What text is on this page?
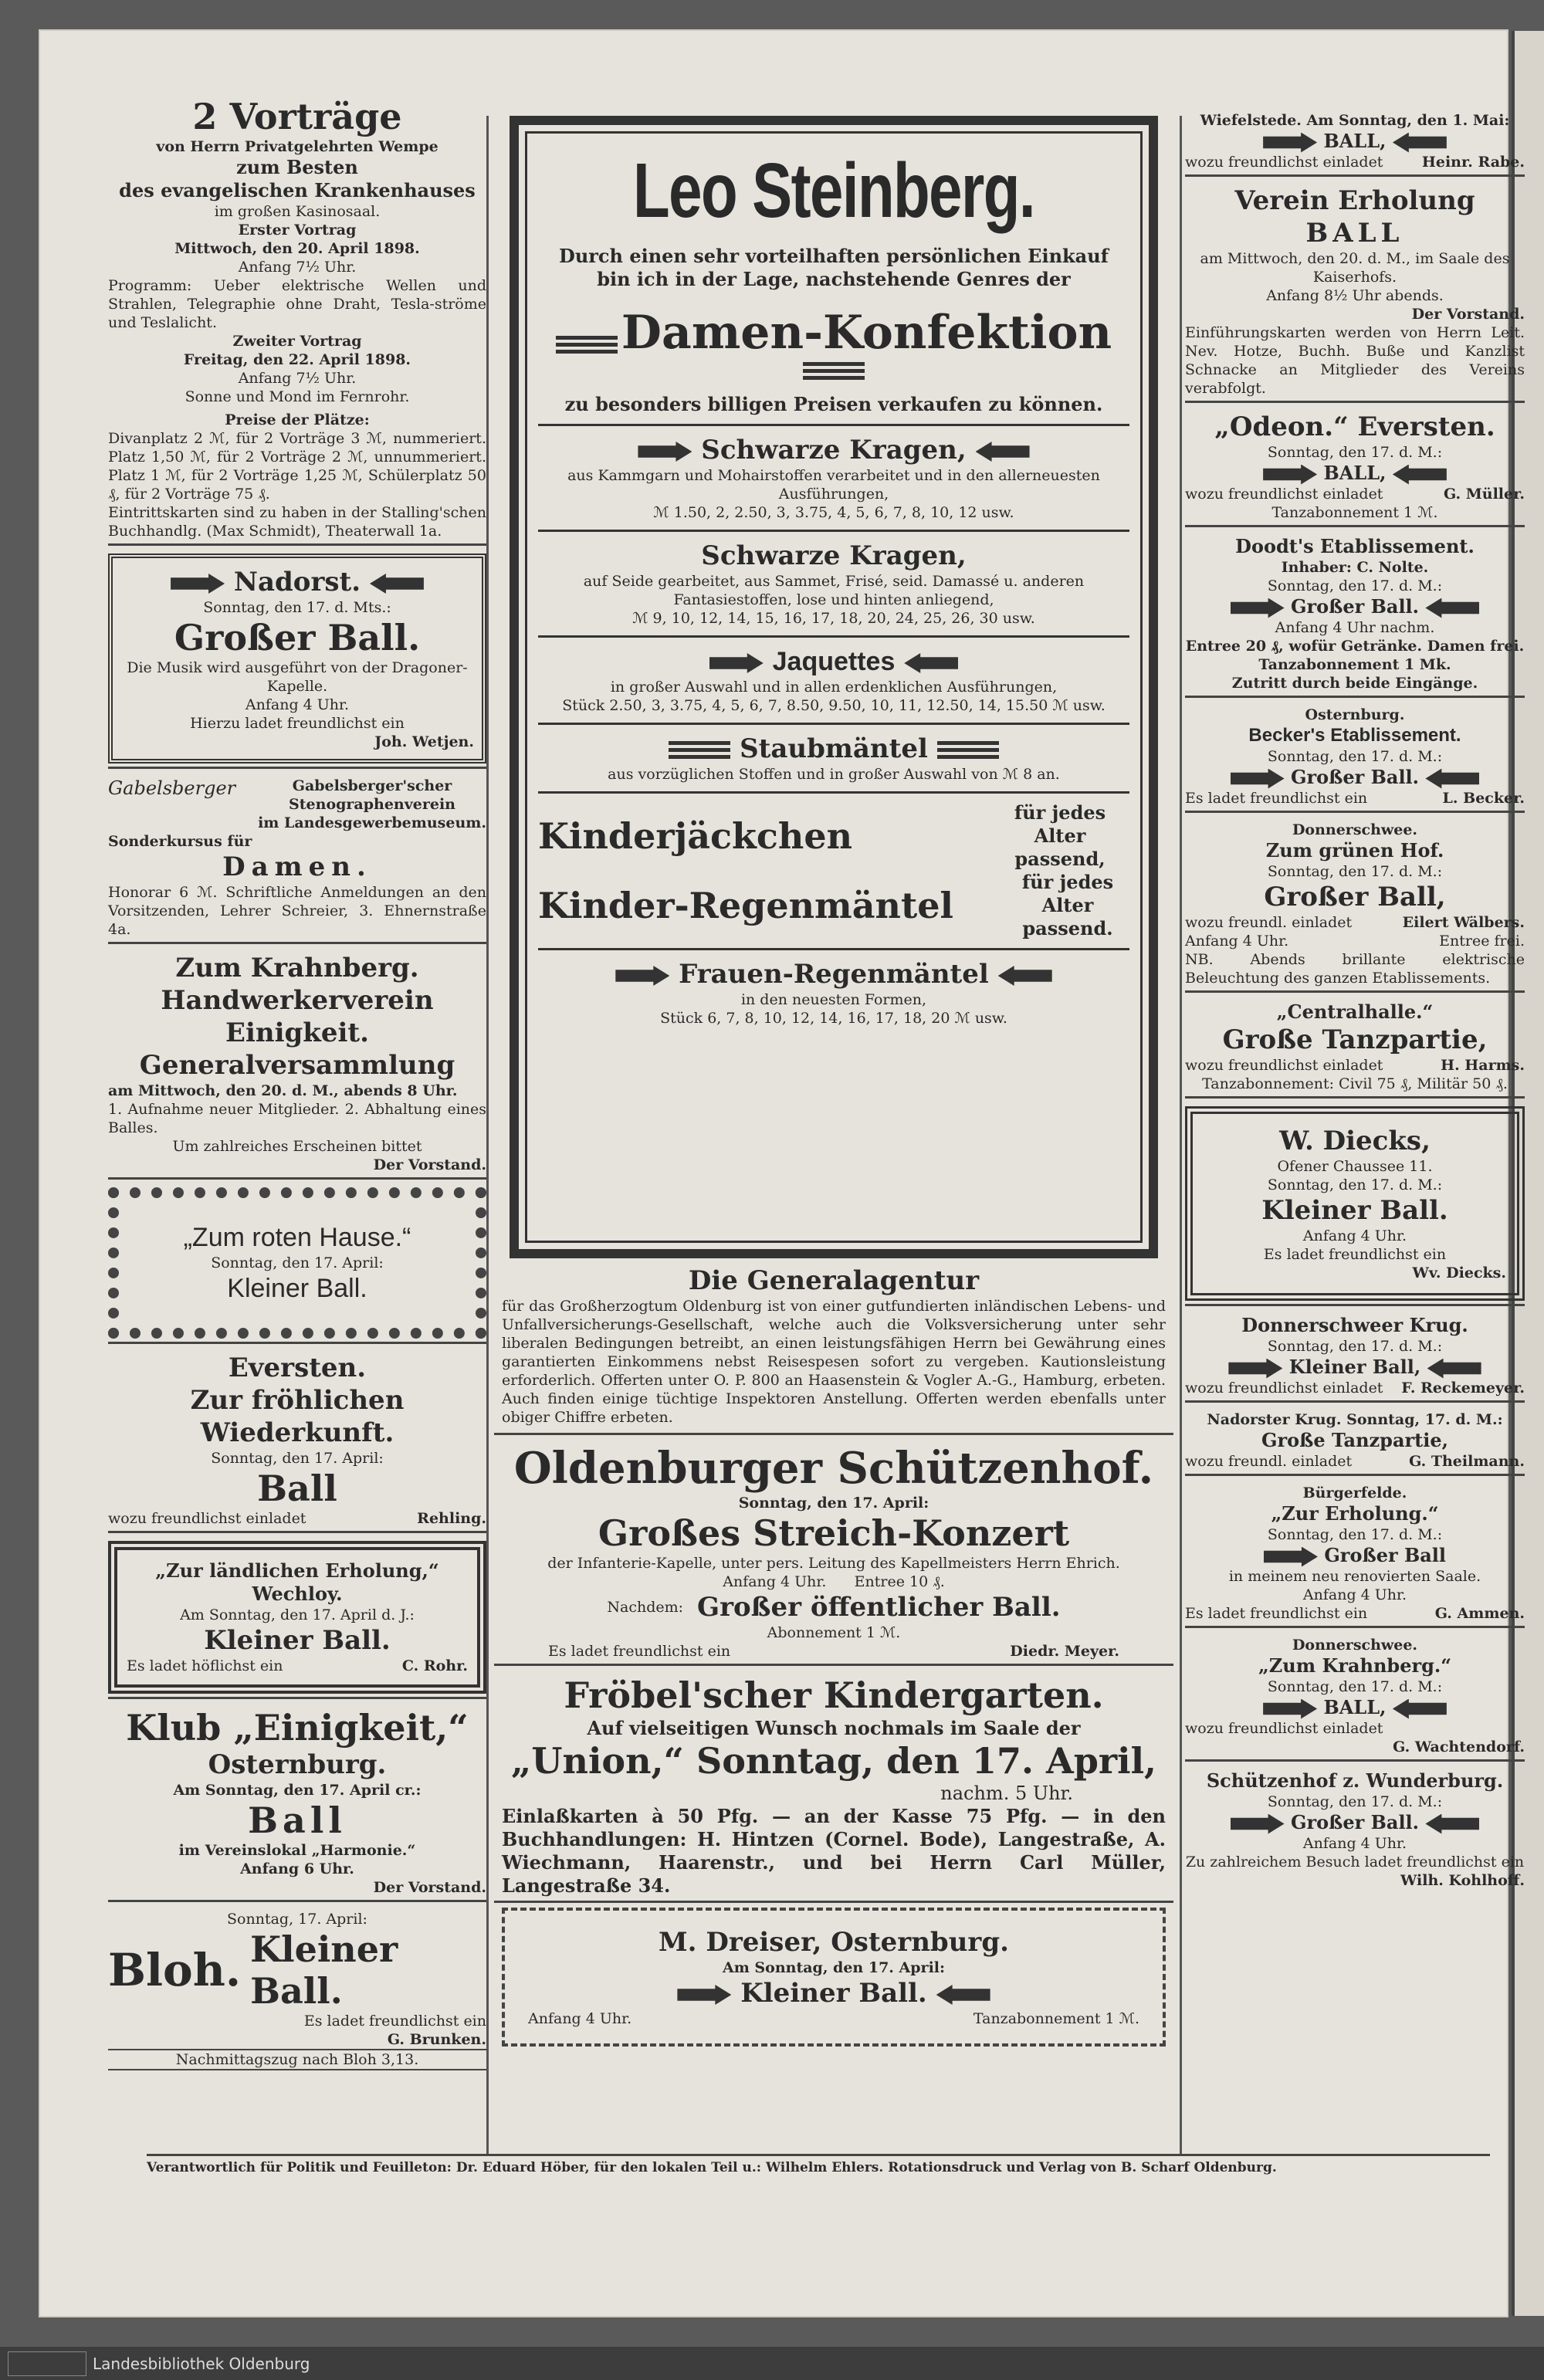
2 Vorträge
von Herrn Privatgelehrten Wempe
zum Besten
des evangelischen Krankenhauses
im großen Kasinosaal.
Erster Vortrag
Mittwoch, den 20. April 1898.
Anfang 7½ Uhr.
Programm: Ueber elektrische Wellen und Strahlen, Telegraphie ohne Draht, Tesla-ströme und Teslalicht.
Zweiter Vortrag
Freitag, den 22. April 1898.
Anfang 7½ Uhr.
Sonne und Mond im Fernrohr.
Preise der Plätze:
Divanplatz 2 ℳ, für 2 Vorträge 3 ℳ, nummeriert. Platz 1,50 ℳ, für 2 Vorträge 2 ℳ, unnummeriert. Platz 1 ℳ, für 2 Vorträge 1,25 ℳ, Schülerplatz 50 ₰, für 2 Vorträge 75 ₰.
Eintrittskarten sind zu haben in der Stalling'schen Buchhandlg. (Max Schmidt), Theaterwall 1a.
Nadorst.
Sonntag, den 17. d. Mts.:
Großer Ball.
Die Musik wird ausgeführt von der Dragoner-Kapelle.
Anfang 4 Uhr.
Hierzu ladet freundlichst ein
Joh. Wetjen.
Gabelsberger	Gabelsberger'scher
Stenographenverein
im Landesgewerbemuseum.
Sonderkursus für
Damen.
Honorar 6 ℳ. Schriftliche Anmeldungen an den Vorsitzenden, Lehrer Schreier, 3. Ehnernstraße 4a.
Zum Krahnberg.
Handwerkerverein Einigkeit.
Generalversammlung
am Mittwoch, den 20. d. M., abends 8 Uhr.
1. Aufnahme neuer Mitglieder. 2. Abhaltung eines Balles.
Um zahlreiches Erscheinen bittet
Der Vorstand.
„Zum roten Hause.“
Sonntag, den 17. April:
Kleiner Ball.
Eversten.
Zur fröhlichen Wiederkunft.
Sonntag, den 17. April:
Ball
wozu freundlichst einladet	Rehling.
„Zur ländlichen Erholung,“
Wechloy.
Am Sonntag, den 17. April d. J.:
Kleiner Ball.
Es ladet höflichst ein	C. Rohr.
Klub „Einigkeit,“
Osternburg.
Am Sonntag, den 17. April cr.:
Ball
im Vereinslokal „Harmonie.“
Anfang 6 Uhr.
Der Vorstand.
Sonntag, 17. April:
Bloh. Kleiner Ball.
Es ladet freundlichst ein
G. Brunken.
Nachmittagszug nach Bloh 3,13.
Leo Steinberg.
Durch einen sehr vorteilhaften persönlichen Einkauf bin ich in der Lage, nachstehende Genres der
Damen-Konfektion
zu besonders billigen Preisen verkaufen zu können.
Schwarze Kragen,
aus Kammgarn und Mohairstoffen verarbeitet und in den allerneuesten Ausführungen,
ℳ 1.50, 2, 2.50, 3, 3.75, 4, 5, 6, 7, 8, 10, 12 usw.
Schwarze Kragen,
auf Seide gearbeitet, aus Sammet, Frisé, seid. Damassé u. anderen Fantasiestoffen, lose und hinten anliegend,
ℳ 9, 10, 12, 14, 15, 16, 17, 18, 20, 24, 25, 26, 30 usw.
Jaquettes
in großer Auswahl und in allen erdenklichen Ausführungen,
Stück 2.50, 3, 3.75, 4, 5, 6, 7, 8.50, 9.50, 10, 11, 12.50, 14, 15.50 ℳ usw.
Staubmäntel
aus vorzüglichen Stoffen und in großer Auswahl von ℳ 8 an.
Kinderjäckchen
für jedes Alter passend,
Kinder-Regenmäntel
für jedes Alter passend.
Frauen-Regenmäntel
in den neuesten Formen,
Stück 6, 7, 8, 10, 12, 14, 16, 17, 18, 20 ℳ usw.
Die Generalagentur
für das Großherzogtum Oldenburg ist von einer gutfundierten inländischen Lebens- und Unfallversicherungs-Gesellschaft, welche auch die Volksversicherung unter sehr liberalen Bedingungen betreibt, an einen leistungsfähigen Herrn bei Gewährung eines garantierten Einkommens nebst Reisespesen sofort zu vergeben. Kautionsleistung erforderlich. Offerten unter O. P. 800 an Haasenstein & Vogler A.-G., Hamburg, erbeten. Auch finden einige tüchtige Inspektoren Anstellung. Offerten werden ebenfalls unter obiger Chiffre erbeten.
Oldenburger Schützenhof.
Sonntag, den 17. April:
Großes Streich-Konzert
der Infanterie-Kapelle, unter pers. Leitung des Kapellmeisters Herrn Ehrich.
Anfang 4 Uhr. Entree 10 ₰.
Nachdem: Großer öffentlicher Ball.
Abonnement 1 ℳ.
Es ladet freundlichst ein	Diedr. Meyer.
Fröbel'scher Kindergarten.
Auf vielseitigen Wunsch nochmals im Saale der
„Union,“ Sonntag, den 17. April,
nachm. 5 Uhr.
Einlaßkarten à 50 Pfg. — an der Kasse 75 Pfg. — in den Buchhandlungen: H. Hintzen (Cornel. Bode), Langestraße, A. Wiechmann, Haarenstr., und bei Herrn Carl Müller, Langestraße 34.
M. Dreiser, Osternburg.
Am Sonntag, den 17. April:
Kleiner Ball.
Anfang 4 Uhr.	Tanzabonnement 1 ℳ.
Wiefelstede. Am Sonntag, den 1. Mai:
BALL,
wozu freundlichst einladet	Heinr. Rabe.
Verein Erholung
BALL
am Mittwoch, den 20. d. M., im Saale des Kaiserhofs.
Anfang 8½ Uhr abends.
Der Vorstand.
Einführungskarten werden von Herrn Leit. Nev. Hotze, Buchh. Buße und Kanzlist Schnacke an Mitglieder des Vereins verabfolgt.
„Odeon.“ Eversten.
Sonntag, den 17. d. M.:
BALL,
wozu freundlichst einladet	G. Müller.
Tanzabonnement 1 ℳ.
Doodt's Etablissement.
Inhaber: C. Nolte.
Sonntag, den 17. d. M.:
Großer Ball.
Anfang 4 Uhr nachm.
Entree 20 ₰, wofür Getränke. Damen frei.
Tanzabonnement 1 Mk.
Zutritt durch beide Eingänge.
Osternburg.
Becker's Etablissement.
Sonntag, den 17. d. M.:
Großer Ball.
Es ladet freundlichst ein	L. Becker.
Donnerschwee.
Zum grünen Hof.
Sonntag, den 17. d. M.:
Großer Ball,
wozu freundl. einladet	Eilert Wälbers.
Anfang 4 Uhr.	Entree frei.
NB. Abends brillante elektrische Beleuchtung des ganzen Etablissements.
„Centralhalle.“
Große Tanzpartie,
wozu freundlichst einladet	H. Harms.
Tanzabonnement: Civil 75 ₰, Militär 50 ₰.
W. Diecks,
Ofener Chaussee 11.
Sonntag, den 17. d. M.:
Kleiner Ball.
Anfang 4 Uhr.
Es ladet freundlichst ein
Wv. Diecks.
Donnerschweer Krug.
Sonntag, den 17. d. M.:
Kleiner Ball,
wozu freundlichst einladet F. Reckemeyer.
Nadorster Krug. Sonntag, 17. d. M.:
Große Tanzpartie,
wozu freundl. einladet	G. Theilmann.
Bürgerfelde.
„Zur Erholung.“
Sonntag, den 17. d. M.:
Großer Ball
in meinem neu renovierten Saale.
Anfang 4 Uhr.
Es ladet freundlichst ein	G. Ammen.
Donnerschwee.
„Zum Krahnberg.“
Sonntag, den 17. d. M.:
BALL,
wozu freundlichst einladet
G. Wachtendorf.
Schützenhof z. Wunderburg.
Sonntag, den 17. d. M.:
Großer Ball.
Anfang 4 Uhr.
Zu zahlreichem Besuch ladet freundlichst ein
Wilh. Kohlhoff.
Verantwortlich für Politik und Feuilleton: Dr. Eduard Höber, für den lokalen Teil u.: Wilhelm Ehlers. Rotationsdruck und Verlag von B. Scharf Oldenburg.
Landesbibliothek Oldenburg
